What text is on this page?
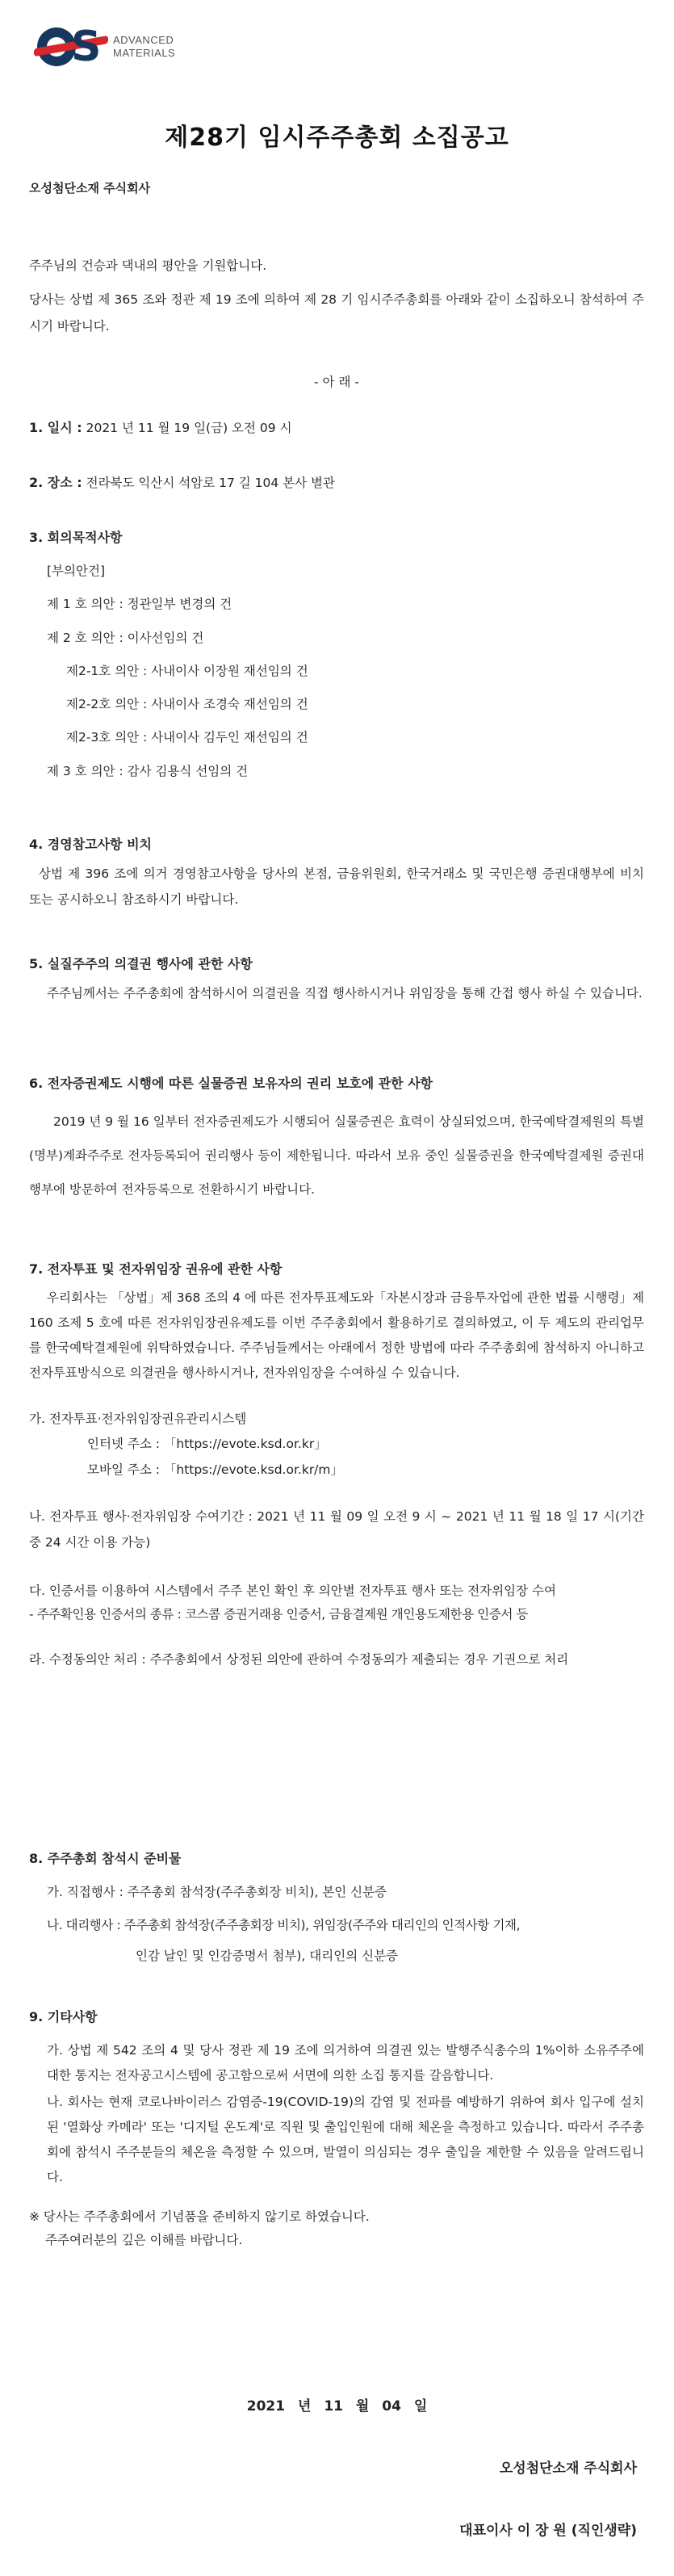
S ADVANCED
MATERIALS
제28기 임시주주총회 소집공고
오성첨단소재 주식회사

주주님의 건승과 댁내의 평안을 기원합니다.

당사는 상법 제 365 조와 정관 제 19 조에 의하여 제 28 기 임시주주총회를 아래와 같이 소집하오니 참석하여 주시기 바랍니다.

- 아 래 -
1. 일시 : 2021 년 11 월 19 일(금) 오전 09 시
2. 장소 : 전라북도 익산시 석암로 17 길 104 본사 별관
3. 회의목적사항
[부의안건]
제 1 호 의안 : 정관일부 변경의 건
제 2 호 의안 : 이사선임의 건
제2-1호 의안 : 사내이사 이장원 재선임의 건
제2-2호 의안 : 사내이사 조경숙 재선임의 건
제2-3호 의안 : 사내이사 김두인 재선임의 건
제 3 호 의안 : 감사 김용식 선임의 건
4. 경영참고사항 비치

상법 제 396 조에 의거 경영참고사항을 당사의 본점, 금융위원회, 한국거래소 및 국민은행 증권대행부에 비치 또는 공시하오니 참조하시기 바랍니다.

5. 실질주주의 의결권 행사에 관한 사항

주주님께서는 주주총회에 참석하시어 의결권을 직접 행사하시거나 위임장을 통해 간접 행사 하실 수 있습니다.

6. 전자증권제도 시행에 따른 실물증권 보유자의 권리 보호에 관한 사항

2019 년 9 월 16 일부터 전자증권제도가 시행되어 실물증권은 효력이 상실되었으며, 한국예탁결제원의 특별(명부)계좌주주로 전자등록되어 권리행사 등이 제한됩니다. 따라서 보유 중인 실물증권을 한국예탁결제원 증권대행부에 방문하여 전자등록으로 전환하시기 바랍니다.

7. 전자투표 및 전자위임장 권유에 관한 사항

우리회사는 「상법」제 368 조의 4 에 따른 전자투표제도와「자본시장과 금융투자업에 관한 법률 시행령」제 160 조제 5 호에 따른 전자위임장권유제도를 이번 주주총회에서 활용하기로 결의하였고, 이 두 제도의 관리업무를 한국예탁결제원에 위탁하였습니다. 주주님들께서는 아래에서 정한 방법에 따라 주주총회에 참석하지 아니하고 전자투표방식으로 의결권을 행사하시거나, 전자위임장을 수여하실 수 있습니다.

가. 전자투표·전자위임장권유관리시스템
인터넷 주소 : 「https://evote.ksd.or.kr」
모바일 주소 : 「https://evote.ksd.or.kr/m」

나. 전자투표 행사·전자위임장 수여기간 : 2021 년 11 월 09 일 오전 9 시 ~ 2021 년 11 월 18 일 17 시(기간 중 24 시간 이용 가능)

다. 인증서를 이용하여 시스템에서 주주 본인 확인 후 의안별 전자투표 행사 또는 전자위임장 수여

- 주주확인용 인증서의 종류 : 코스콤 증권거래용 인증서, 금융결제원 개인용도제한용 인증서 등

라. 수정동의안 처리 : 주주총회에서 상정된 의안에 관하여 수정동의가 제출되는 경우 기권으로 처리

8. 주주총회 참석시 준비물
가. 직접행사 : 주주총회 참석장(주주총회장 비치), 본인 신분증
나. 대리행사 : 주주총회 참석장(주주총회장 비치), 위임장(주주와 대리인의 인적사항 기재,
인감 날인 및 인감증명서 첨부), 대리인의 신분증
9. 기타사항

가. 상법 제 542 조의 4 및 당사 정관 제 19 조에 의거하여 의결권 있는 발행주식총수의 1%이하 소유주주에 대한 통지는 전자공고시스템에 공고함으로써 서면에 의한 소집 통지를 갈음합니다.

나. 회사는 현재 코로나바이러스 감염증-19(COVID-19)의 감염 및 전파를 예방하기 위하여 회사 입구에 설치된 '열화상 카메라' 또는 '디지털 온도계'로 직원 및 출입인원에 대해 체온을 측정하고 있습니다. 따라서 주주총회에 참석시 주주분들의 체온을 측정할 수 있으며, 발열이 의심되는 경우 출입을 제한할 수 있음을 알려드립니다.

※ 당사는 주주총회에서 기념품을 준비하지 않기로 하였습니다.
주주여러분의 깊은 이해를 바랍니다.
2021 년 11 월 04 일
오성첨단소재 주식회사
대표이사 이 장 원 (직인생략)
